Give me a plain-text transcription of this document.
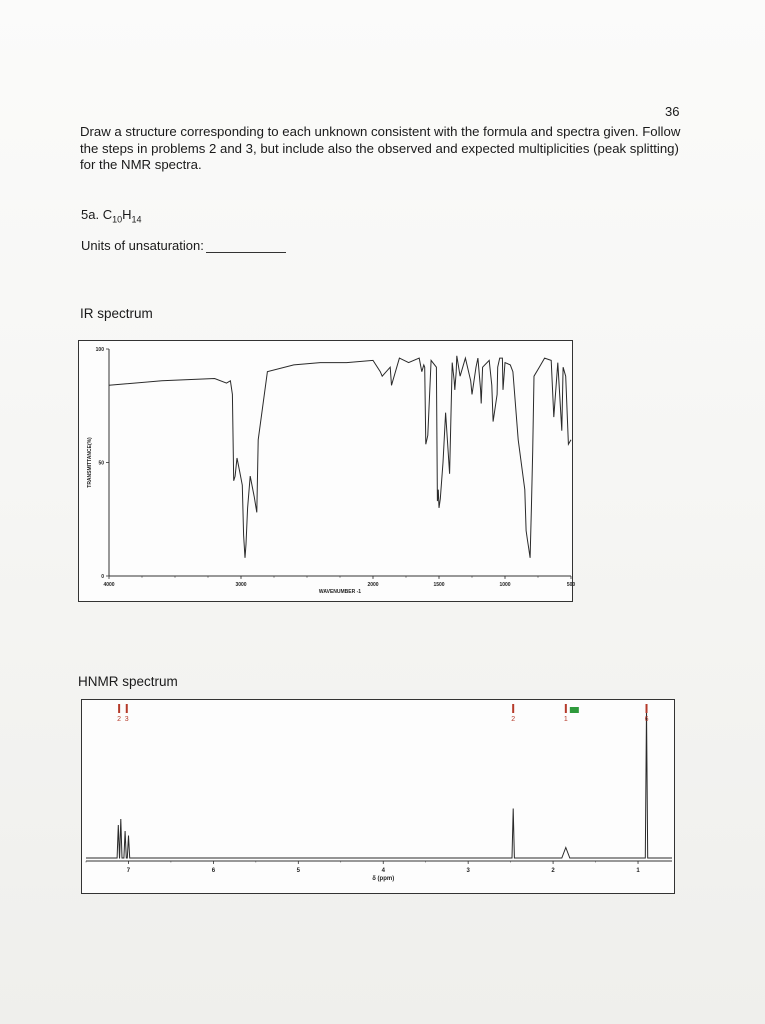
36
Draw a structure corresponding to each unknown consistent with the formula and spectra given. Follow the steps in problems 2 and 3, but include also the observed and expected multiplicities (peak splitting) for the NMR spectra.
5a. $C_{10}H_{14}$
Units of unsaturation:
IR spectrum
100
50
0
4000	3000	2000	1500	1000	500
WAVENUMBER -1
TRANSMITTANCE(%)
HNMR spectrum
7	6	5	4	3	2	1
δ (ppm)
2 3	2	1	6
